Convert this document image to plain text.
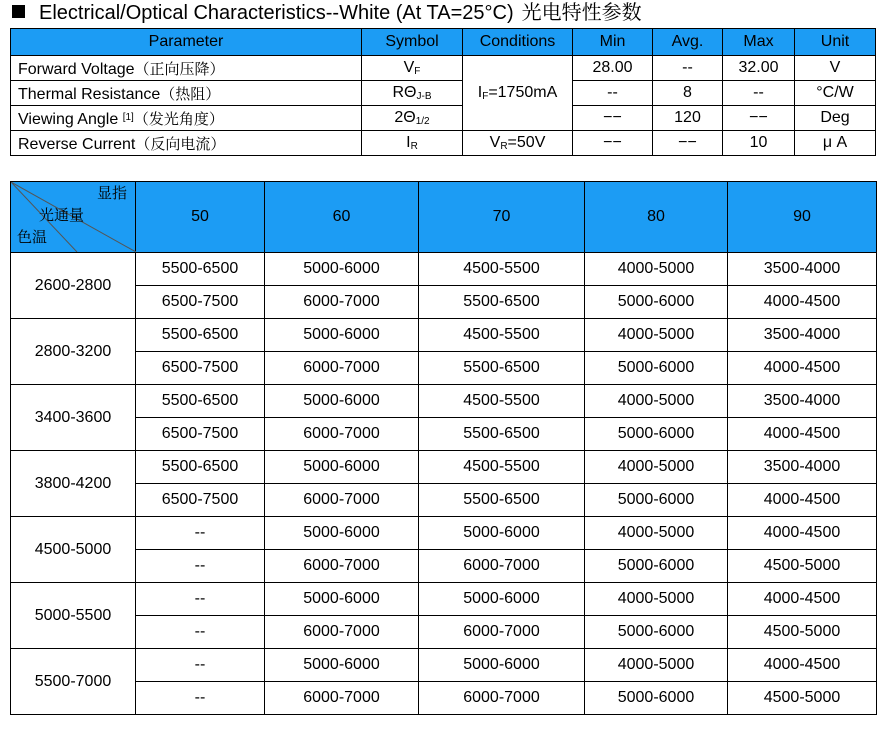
Electrical/Optical Characteristics--White (At TA=25°C) 光电特性参数
Parameter	Symbol	Conditions	Min	Avg.	Max	Unit
Forward Voltage（正向压降）	$V_F$	$I_F=1750mA$	28.00	--	32.00	V
Thermal Resistance（热阻）	$R\Theta_{J-B}$		--	8	--	°C/W
Viewing Angle [1]（发光角度）	$2\Theta_{1/2}$		−−	120	−−	Deg
Reverse Current（反向电流）	$I_R$	$V_R=50V$	−−	−−	10	μ A
显指
光通量
色温	50	60	70	80	90
2600-2800	5500-6500	5000-6000	4500-5500	4000-5000	3500-4000
	6500-7500	6000-7000	5500-6500	5000-6000	4000-4500
2800-3200	5500-6500	5000-6000	4500-5500	4000-5000	3500-4000
	6500-7500	6000-7000	5500-6500	5000-6000	4000-4500
3400-3600	5500-6500	5000-6000	4500-5500	4000-5000	3500-4000
	6500-7500	6000-7000	5500-6500	5000-6000	4000-4500
3800-4200	5500-6500	5000-6000	4500-5500	4000-5000	3500-4000
	6500-7500	6000-7000	5500-6500	5000-6000	4000-4500
4500-5000	--	5000-6000	5000-6000	4000-5000	4000-4500
	--	6000-7000	6000-7000	5000-6000	4500-5000
5000-5500	--	5000-6000	5000-6000	4000-5000	4000-4500
	--	6000-7000	6000-7000	5000-6000	4500-5000
5500-7000	--	5000-6000	5000-6000	4000-5000	4000-4500
	--	6000-7000	6000-7000	5000-6000	4500-5000
